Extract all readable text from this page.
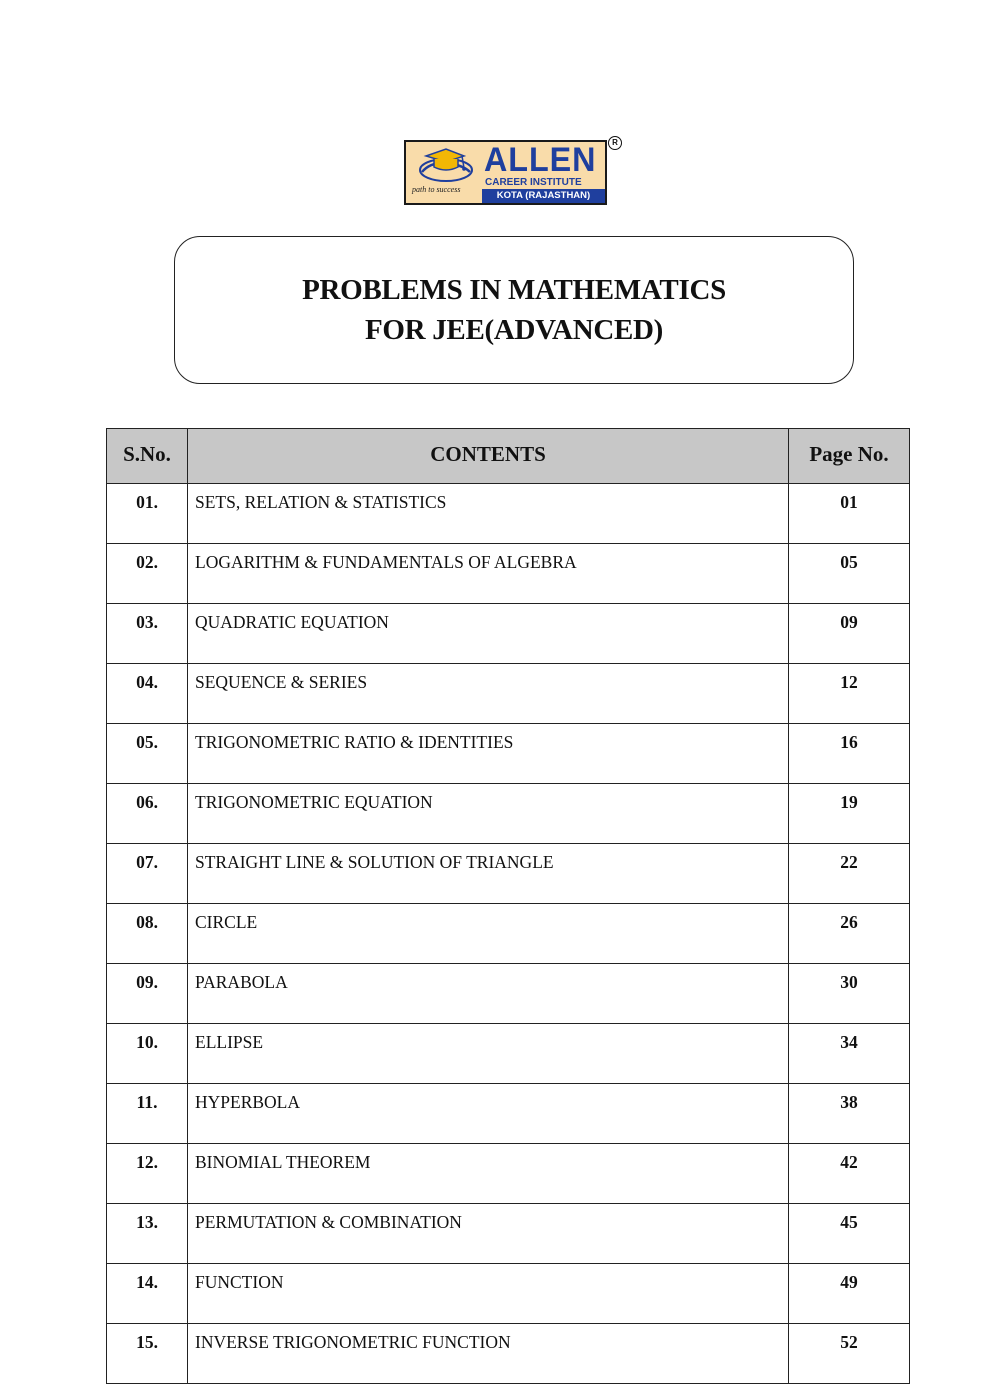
path to success
ALLEN
CAREER INSTITUTE
KOTA (RAJASTHAN)
R
PROBLEMS IN MATHEMATICS
FOR JEE(ADVANCED)
S.No.	CONTENTS	Page No.
01.	SETS, RELATION & STATISTICS	01
02.	LOGARITHM & FUNDAMENTALS OF ALGEBRA	05
03.	QUADRATIC EQUATION	09
04.	SEQUENCE & SERIES	12
05.	TRIGONOMETRIC RATIO & IDENTITIES	16
06.	TRIGONOMETRIC EQUATION	19
07.	STRAIGHT LINE & SOLUTION OF TRIANGLE	22
08.	CIRCLE	26
09.	PARABOLA	30
10.	ELLIPSE	34
11.	HYPERBOLA	38
12.	BINOMIAL THEOREM	42
13.	PERMUTATION & COMBINATION	45
14.	FUNCTION	49
15.	INVERSE TRIGONOMETRIC FUNCTION	52
